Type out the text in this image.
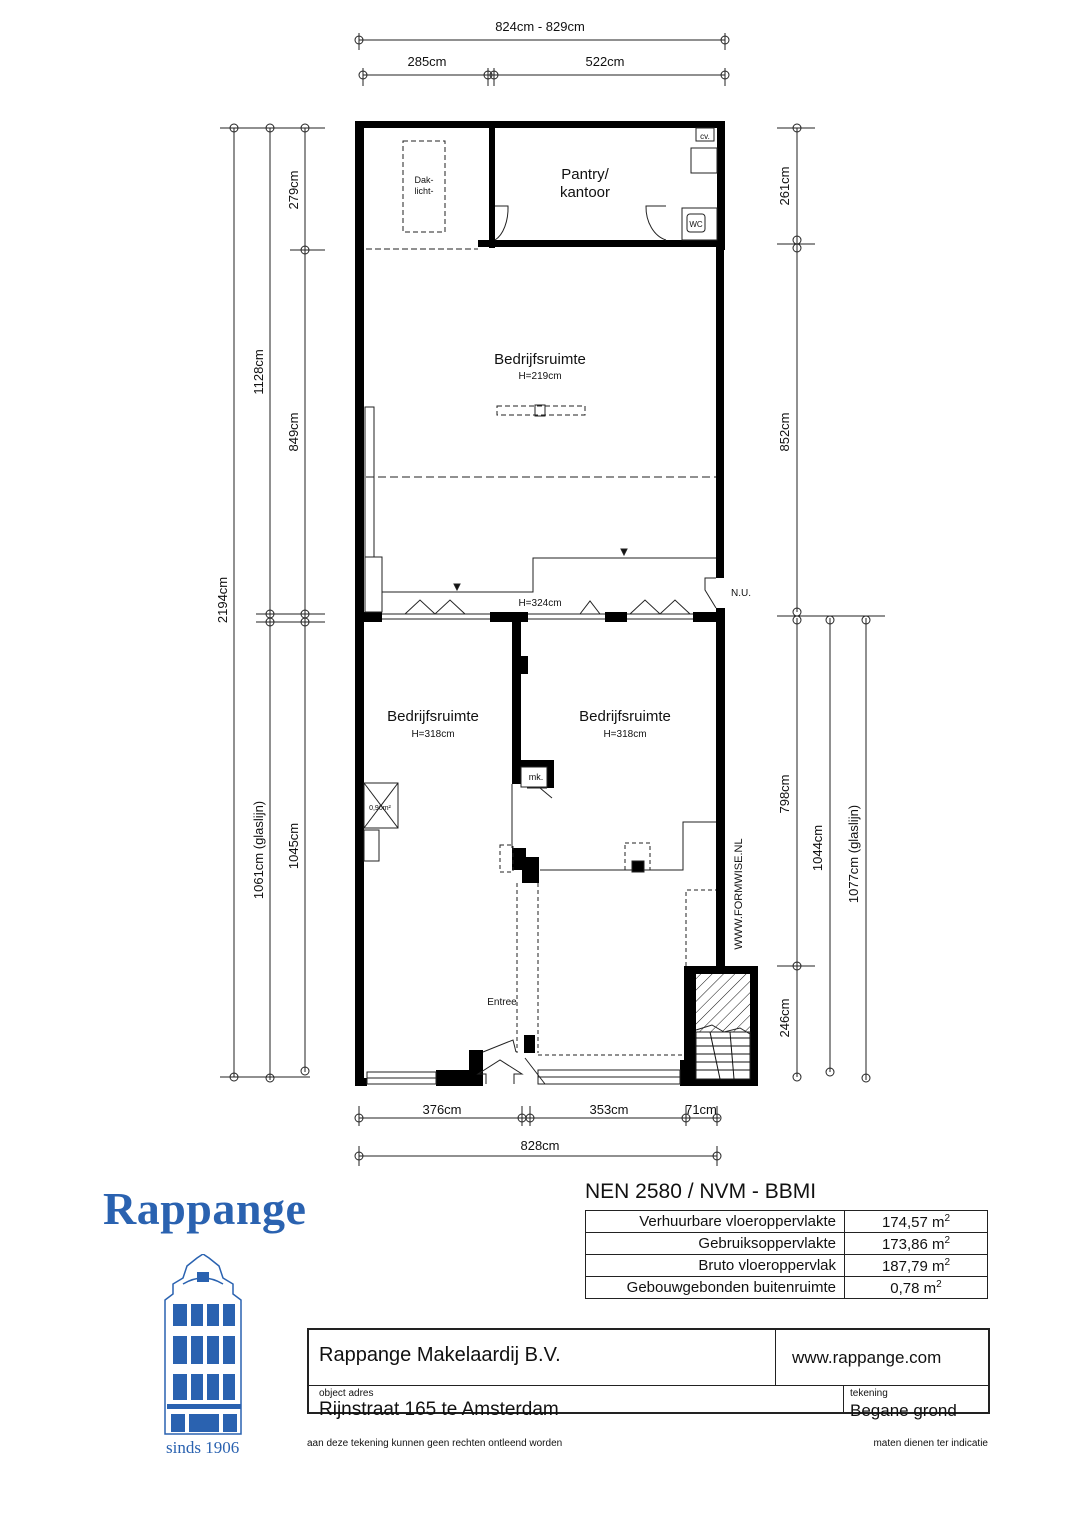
824cm - 829cm
285cm	522cm
376cm	353cm	71cm
828cm
2194cm
1128cm
279cm
849cm
1061cm (glaslijn) 1045cm
261cm
852cm
798cm
246cm
1044cm 1077cm (glaslijn)
Dak-
licht-
Pantry/
kantoor
cv.
WC
Bedrijfsruimte
H=219cm
H=324cm
N.U.
Bedrijfsruimte
H=318cm
Bedrijfsruimte
H=318cm
mk.
0,90m²
Entree
WWW.FORMWISE.NL
Rappange
sinds 1906
NEN 2580 / NVM - BBMI
Verhuurbare vloeroppervlakte	174,57 $m^2$
Gebruiksoppervlakte	173,86 $m^2$
Bruto vloeroppervlak	187,79 $m^2$
Gebouwgebonden buitenruimte	0,78 $m^2$
Rappange Makelaardij B.V.	www.rappange.com
object adres
Rijnstraat 165 te Amsterdam
tekening
Begane grond
aan deze tekening kunnen geen rechten ontleend worden	maten dienen ter indicatie
